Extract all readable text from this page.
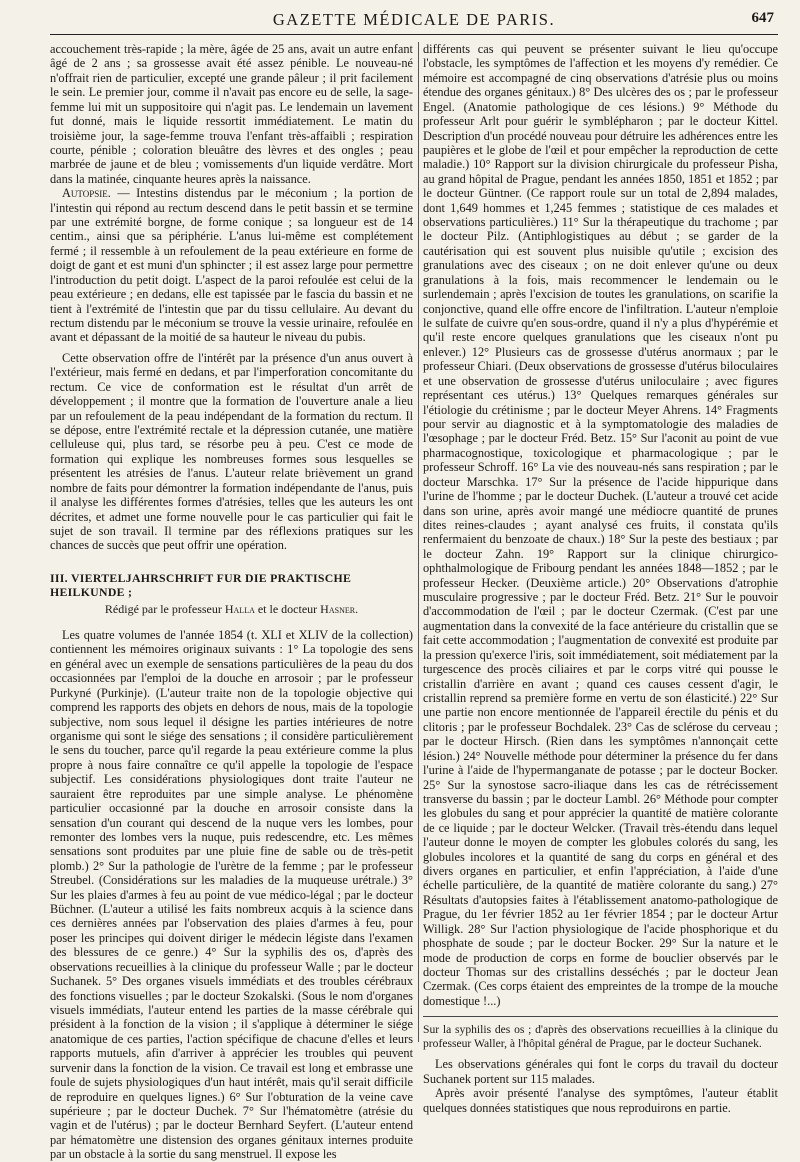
GAZETTE MÉDICALE DE PARIS.	647

accouchement très-rapide ; la mère, âgée de 25 ans, avait un autre enfant âgé de 2 ans ; sa grossesse avait été assez pénible. Le nouveau-né n'offrait rien de particulier, excepté une grande pâleur ; il prit facilement le sein. Le premier jour, comme il n'avait pas encore eu de selle, la sage-femme lui mit un suppositoire qui n'agit pas. Le lendemain un lavement fut donné, mais le liquide ressortit immédiatement. Le matin du troisième jour, la sage-femme trouva l'enfant très-affaibli ; respiration courte, pénible ; coloration bleuâtre des lèvres et des ongles ; peau marbrée de jaune et de bleu ; vomissements d'un liquide verdâtre. Mort dans la matinée, cinquante heures après la naissance.

Autopsie. — Intestins distendus par le méconium ; la portion de l'intestin qui répond au rectum descend dans le petit bassin et se termine par une extrémité borgne, de forme conique ; sa longueur est de 14 centim., ainsi que sa périphérie. L'anus lui-même est complétement fermé ; il ressemble à un refoulement de la peau extérieure en forme de doigt de gant et est muni d'un sphincter ; il est assez large pour permettre l'introduction du petit doigt. L'aspect de la paroi refoulée est celui de la peau extérieure ; en dedans, elle est tapissée par le fascia du bassin et ne tient à l'extrémité de l'intestin que par du tissu cellulaire. Au devant du rectum distendu par le méconium se trouve la vessie urinaire, refoulée en avant et dépassant de la moitié de sa hauteur le niveau du pubis.

Cette observation offre de l'intérêt par la présence d'un anus ouvert à l'extérieur, mais fermé en dedans, et par l'imperforation concomitante du rectum. Ce vice de conformation est le résultat d'un arrêt de développement ; il montre que la formation de l'ouverture anale a lieu par un refoulement de la peau indépendant de la formation du rectum. Il se dépose, entre l'extrémité rectale et la dépression cutanée, une matière celluleuse qui, plus tard, se résorbe peu à peu. C'est ce mode de formation qui explique les nombreuses formes sous lesquelles se présentent les atrésies de l'anus. L'auteur relate brièvement un grand nombre de faits pour démontrer la formation indépendante de l'anus, puis il analyse les différentes formes d'atrésies, telles que les auteurs les ont décrites, et admet une forme nouvelle pour le cas particulier qui fait le sujet de son travail. Il termine par des réflexions pratiques sur les chances de succès que peut offrir une opération.

III. VIERTELJAHRSCHRIFT FUR DIE PRAKTISCHE HEILKUNDE ;
Rédigé par le professeur Halla et le docteur Hasner.

Les quatre volumes de l'année 1854 (t. XLI et XLIV de la collection) contiennent les mémoires originaux suivants : 1° La topologie des sens en général avec un exemple de sensations particulières de la peau du dos occasionnées par l'emploi de la douche en arrosoir ; par le professeur Purkyné (Purkinje). (L'auteur traite non de la topologie objective qui comprend les rapports des objets en dehors de nous, mais de la topologie subjective, nom sous lequel il désigne les parties intérieures de notre organisme qui sont le siége des sensations ; il considère particulièrement le sens du toucher, parce qu'il regarde la peau extérieure comme la plus propre à nous faire connaître ce qu'il appelle la topologie de l'espace subjectif. Les considérations physiologiques dont traite l'auteur ne sauraient être reproduites par une simple analyse. Le phénomène particulier occasionné par la douche en arrosoir consiste dans la sensation d'un courant qui descend de la nuque vers les lombes, pour remonter des lombes vers la nuque, puis redescendre, etc. Les mêmes sensations sont produites par une pluie fine de sable ou de très-petit plomb.) 2° Sur la pathologie de l'urètre de la femme ; par le professeur Streubel. (Considérations sur les maladies de la muqueuse urétrale.) 3° Sur les plaies d'armes à feu au point de vue médico-légal ; par le docteur Büchner. (L'auteur a utilisé les faits nombreux acquis à la science dans ces dernières années par l'observation des plaies d'armes à feu, pour poser les principes qui doivent diriger le médecin légiste dans l'examen des blessures de ce genre.) 4° Sur la syphilis des os, d'après des observations recueillies à la clinique du professeur Walle ; par le docteur Suchanek. 5° Des organes visuels immédiats et des troubles cérébraux des fonctions visuelles ; par le docteur Szokalski. (Sous le nom d'organes visuels immédiats, l'auteur entend les parties de la masse cérébrale qui président à la fonction de la vision ; il s'applique à déterminer le siége anatomique de ces parties, l'action spécifique de chacune d'elles et leurs rapports mutuels, afin d'arriver à apprécier les troubles qui peuvent survenir dans la fonction de la vision. Ce travail est long et embrasse une foule de sujets physiologiques d'un haut intérêt, mais qu'il serait difficile de reproduire en quelques lignes.) 6° Sur l'obturation de la veine cave supérieure ; par le docteur Duchek. 7° Sur l'hématomètre (atrésie du vagin et de l'utérus) ; par le docteur Bernhard Seyfert. (L'auteur entend par hématomètre une distension des organes génitaux internes produite par un obstacle à la sortie du sang menstruel. Il expose les

différents cas qui peuvent se présenter suivant le lieu qu'occupe l'obstacle, les symptômes de l'affection et les moyens d'y remédier. Ce mémoire est accompagné de cinq observations d'atrésie plus ou moins étendue des organes génitaux.) 8° Des ulcères des os ; par le professeur Engel. (Anatomie pathologique de ces lésions.) 9° Méthode du professeur Arlt pour guérir le symblépharon ; par le docteur Kittel. Description d'un procédé nouveau pour détruire les adhérences entre les paupières et le globe de l'œil et pour empêcher la reproduction de cette maladie.) 10° Rapport sur la division chirurgicale du professeur Pisha, au grand hôpital de Prague, pendant les années 1850, 1851 et 1852 ; par le docteur Güntner. (Ce rapport roule sur un total de 2,894 malades, dont 1,649 hommes et 1,245 femmes ; statistique de ces malades et observations particulières.) 11° Sur la thérapeutique du trachome ; par le docteur Pilz. (Antiphlogistiques au début ; se garder de la cautérisation qui est souvent plus nuisible qu'utile ; excision des granulations avec des ciseaux ; on ne doit enlever qu'une ou deux granulations à la fois, mais recommencer le lendemain ou le surlendemain ; après l'excision de toutes les granulations, on scarifie la conjonctive, quand elle offre encore de l'infiltration. L'auteur n'emploie le sulfate de cuivre qu'en sous-ordre, quand il n'y a plus d'hypérémie et qu'il reste encore quelques granulations que les ciseaux n'ont pu enlever.) 12° Plusieurs cas de grossesse d'utérus anormaux ; par le professeur Chiari. (Deux observations de grossesse d'utérus biloculaires et une observation de grossesse d'utérus uniloculaire ; avec figures représentant ces utérus.) 13° Quelques remarques générales sur l'étiologie du crétinisme ; par le docteur Meyer Ahrens. 14° Fragments pour servir au diagnostic et à la symptomatologie des maladies de l'œsophage ; par le docteur Fréd. Betz. 15° Sur l'aconit au point de vue pharmacognostique, toxicologique et pharmacologique ; par le professeur Schroff. 16° La vie des nouveau-nés sans respiration ; par le docteur Marschka. 17° Sur la présence de l'acide hippurique dans l'urine de l'homme ; par le docteur Duchek. (L'auteur a trouvé cet acide dans son urine, après avoir mangé une médiocre quantité de prunes dites reines-claudes ; ayant analysé ces fruits, il constata qu'ils renfermaient du benzoate de chaux.) 18° Sur la peste des bestiaux ; par le docteur Zahn. 19° Rapport sur la clinique chirurgico-ophthalmologique de Fribourg pendant les années 1848—1852 ; par le professeur Hecker. (Deuxième article.) 20° Observations d'atrophie musculaire progressive ; par le docteur Fréd. Betz. 21° Sur le pouvoir d'accommodation de l'œil ; par le docteur Czermak. (C'est par une augmentation dans la convexité de la face antérieure du cristallin que se fait cette accommodation ; l'augmentation de convexité est produite par la pression qu'exerce l'iris, soit immédiatement, soit médiatement par la turgescence des procès ciliaires et par le corps vitré qui pousse le cristallin d'arrière en avant ; quand ces causes cessent d'agir, le cristallin reprend sa première forme en vertu de son élasticité.) 22° Sur une partie non encore mentionnée de l'appareil érectile du pénis et du clitoris ; par le professeur Bochdalek. 23° Cas de sclérose du cerveau ; par le docteur Hirsch. (Rien dans les symptômes n'annonçait cette lésion.) 24° Nouvelle méthode pour déterminer la présence du fer dans l'urine à l'aide de l'hypermanganate de potasse ; par le docteur Bocker. 25° Sur la synostose sacro-iliaque dans les cas de rétrécissement transverse du bassin ; par le docteur Lambl. 26° Méthode pour compter les globules du sang et pour apprécier la quantité de matière colorante de ce liquide ; par le docteur Welcker. (Travail très-étendu dans lequel l'auteur donne le moyen de compter les globules colorés du sang, les globules incolores et la quantité de sang du corps en général et des divers organes en particulier, et enfin l'appréciation, à l'aide d'une échelle particulière, de la quantité de matière colorante du sang.) 27° Résultats d'autopsies faites à l'établissement anatomo-pathologique de Prague, du 1er février 1852 au 1er février 1854 ; par le docteur Artur Willigk. 28° Sur l'action physiologique de l'acide phosphorique et du phosphate de soude ; par le docteur Bocker. 29° Sur la nature et le mode de production de corps en forme de bouclier observés par le docteur Thomas sur des cristallins desséchés ; par le docteur Jean Czermak. (Ces corps étaient des empreintes de la trompe de la mouche domestique !...)

Sur la syphilis des os ; d'après des observations recueillies à la clinique du professeur Waller, à l'hôpital général de Prague, par le docteur Suchanek.

Les observations générales qui font le corps du travail du docteur Suchanek portent sur 115 malades.

Après avoir présenté l'analyse des symptômes, l'auteur établit quelques données statistiques que nous reproduirons en partie.
